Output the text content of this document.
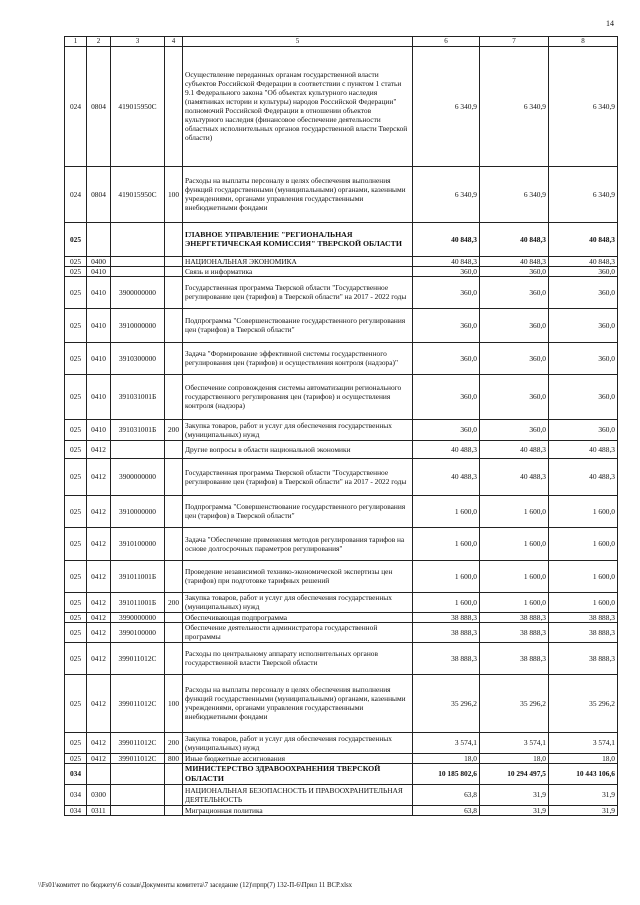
14
1	2	3	4	5	6	7	8
024	0804	419015950С		Осуществление переданных органам государственной власти субъектов Российской Федерации в соответствии с пунктом 1 статьи 9.1 Федерального закона "Об объектах культурного наследия (памятниках истории и культуры) народов Российской Федерации" полномочий Российской Федерации в отношении объектов культурного наследия (финансовое обеспечение деятельности областных исполнительных органов государственной власти Тверской области)	6 340,9	6 340,9	6 340,9
024	0804	419015950С	100	Расходы на выплаты персоналу в целях обеспечения выполнения функций государственными (муниципальными) органами, казенными учреждениями, органами управления государственными внебюджетными фондами	6 340,9	6 340,9	6 340,9
025				ГЛАВНОЕ УПРАВЛЕНИЕ "РЕГИОНАЛЬНАЯ ЭНЕРГЕТИЧЕСКАЯ КОМИССИЯ" ТВЕРСКОЙ ОБЛАСТИ	40 848,3	40 848,3	40 848,3
025	0400			НАЦИОНАЛЬНАЯ ЭКОНОМИКА	40 848,3	40 848,3	40 848,3
025	0410			Связь и информатика	360,0	360,0	360,0
025	0410	3900000000		Государственная программа Тверской области "Государственное регулирование цен (тарифов) в Тверской области" на 2017 - 2022 годы	360,0	360,0	360,0
025	0410	3910000000		Подпрограмма "Совершенствование государственного регулирования цен (тарифов) в Тверской области"	360,0	360,0	360,0
025	0410	3910300000		Задача "Формирование эффективной системы государственного регулирования цен (тарифов) и осуществления контроля (надзора)"	360,0	360,0	360,0
025	0410	391031001Б		Обеспечение сопровождения системы автоматизации регионального государственного регулирования цен (тарифов) и осуществления контроля (надзора)	360,0	360,0	360,0
025	0410	391031001Б	200	Закупка товаров, работ и услуг для обеспечения государственных (муниципальных) нужд	360,0	360,0	360,0
025	0412			Другие вопросы в области национальной экономики	40 488,3	40 488,3	40 488,3
025	0412	3900000000		Государственная программа Тверской области "Государственное регулирование цен (тарифов) в Тверской области" на 2017 - 2022 годы	40 488,3	40 488,3	40 488,3
025	0412	3910000000		Подпрограмма "Совершенствование государственного регулирования цен (тарифов) в Тверской области"	1 600,0	1 600,0	1 600,0
025	0412	3910100000		Задача "Обеспечение применения методов регулирования тарифов на основе долгосрочных параметров регулирования"	1 600,0	1 600,0	1 600,0
025	0412	391011001Б		Проведение независимой технико-экономической экспертизы цен (тарифов) при подготовке тарифных решений	1 600,0	1 600,0	1 600,0
025	0412	391011001Б	200	Закупка товаров, работ и услуг для обеспечения государственных (муниципальных) нужд	1 600,0	1 600,0	1 600,0
025	0412	3990000000		Обеспечивающая подпрограмма	38 888,3	38 888,3	38 888,3
025	0412	3990100000		Обеспечение деятельности администратора государственной программы	38 888,3	38 888,3	38 888,3
025	0412	399011012С		Расходы по центральному аппарату исполнительных органов государственной власти Тверской области	38 888,3	38 888,3	38 888,3
025	0412	399011012С	100	Расходы на выплаты персоналу в целях обеспечения выполнения функций государственными (муниципальными) органами, казенными учреждениями, органами управления государственными внебюджетными фондами	35 296,2	35 296,2	35 296,2
025	0412	399011012С	200	Закупка товаров, работ и услуг для обеспечения государственных (муниципальных) нужд	3 574,1	3 574,1	3 574,1
025	0412	399011012С	800	Иные бюджетные ассигнования	18,0	18,0	18,0
034				МИНИСТЕРСТВО ЗДРАВООХРАНЕНИЯ ТВЕРСКОЙ ОБЛАСТИ	10 185 802,6	10 294 497,5	10 443 106,6
034	0300			НАЦИОНАЛЬНАЯ БЕЗОПАСНОСТЬ И ПРАВООХРАНИТЕЛЬНАЯ ДЕЯТЕЛЬНОСТЬ	63,8	31,9	31,9
034	0311			Миграционная политика	63,8	31,9	31,9
\\Fs01\комитет по бюджету\6 созыв\Документы комитета\7 заседание (12)\прпр(7) 132-П-6\Прил 11 ВСР.xlsx
